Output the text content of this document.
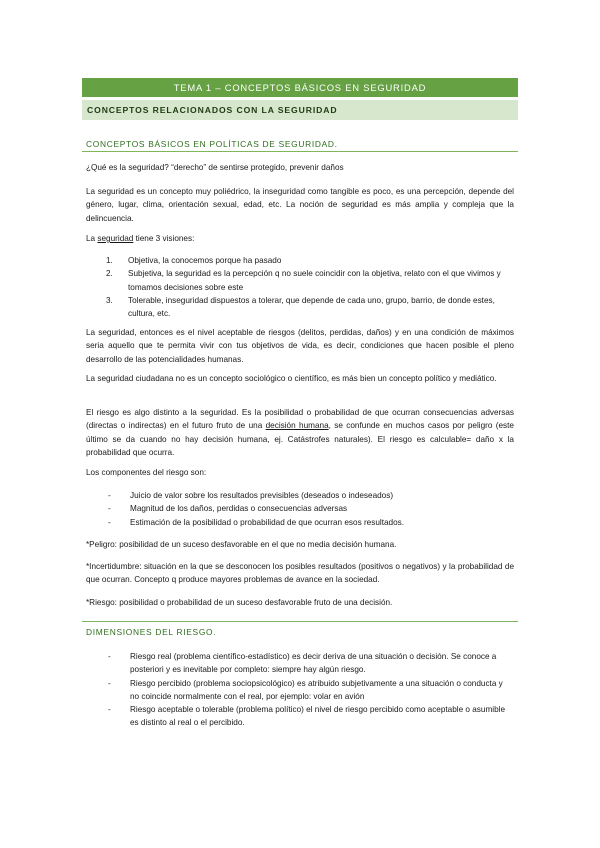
TEMA 1 – CONCEPTOS BÁSICOS EN SEGURIDAD
CONCEPTOS RELACIONADOS CON LA SEGURIDAD
CONCEPTOS BÁSICOS EN POLÍTICAS DE SEGURIDAD.
¿Qué es la seguridad? “derecho” de sentirse protegido, prevenir daños
La seguridad es un concepto muy poliédrico, la inseguridad como tangible es poco, es una percepción, depende del género, lugar, clima, orientación sexual, edad, etc. La noción de seguridad es más amplia y compleja que la delincuencia.
La seguridad tiene 3 visiones:
1. Objetiva, la conocemos porque ha pasado
2. Subjetiva, la seguridad es la percepción q no suele coincidir con la objetiva, relato con el que vivimos y tomamos decisiones sobre este
3. Tolerable, inseguridad dispuestos a tolerar, que depende de cada uno, grupo, barrio, de donde estes, cultura, etc.
La seguridad, entonces es el nivel aceptable de riesgos (delitos, perdidas, daños) y en una condición de máximos seria aquello que te permita vivir con tus objetivos de vida, es decir, condiciones que hacen posible el pleno desarrollo de las potencialidades humanas.
La seguridad ciudadana no es un concepto sociológico o científico, es más bien un concepto político y mediático.
El riesgo es algo distinto a la seguridad. Es la posibilidad o probabilidad de que ocurran consecuencias adversas (directas o indirectas) en el futuro fruto de una decisión humana, se confunde en muchos casos por peligro (este último se da cuando no hay decisión humana, ej. Catástrofes naturales). El riesgo es calculable= daño x la probabilidad que ocurra.
Los componentes del riesgo son:
- Juicio de valor sobre los resultados previsibles (deseados o indeseados)
- Magnitud de los daños, perdidas o consecuencias adversas
- Estimación de la posibilidad o probabilidad de que ocurran esos resultados.
*Peligro: posibilidad de un suceso desfavorable en el que no media decisión humana.
*Incertidumbre: situación en la que se desconocen los posibles resultados (positivos o negativos) y la probabilidad de que ocurran. Concepto q produce mayores problemas de avance en la sociedad.
*Riesgo: posibilidad o probabilidad de un suceso desfavorable fruto de una decisión.
DIMENSIONES DEL RIESGO.
- Riesgo real (problema científico-estadístico) es decir deriva de una situación o decisión. Se conoce a posteriori y es inevitable por completo: siempre hay algún riesgo.
- Riesgo percibido (problema sociopsicológico) es atribuido subjetivamente a una situación o conducta y no coincide normalmente con el real, por ejemplo: volar en avión
- Riesgo aceptable o tolerable (problema político) el nivel de riesgo percibido como aceptable o asumible es distinto al real o el percibido.
